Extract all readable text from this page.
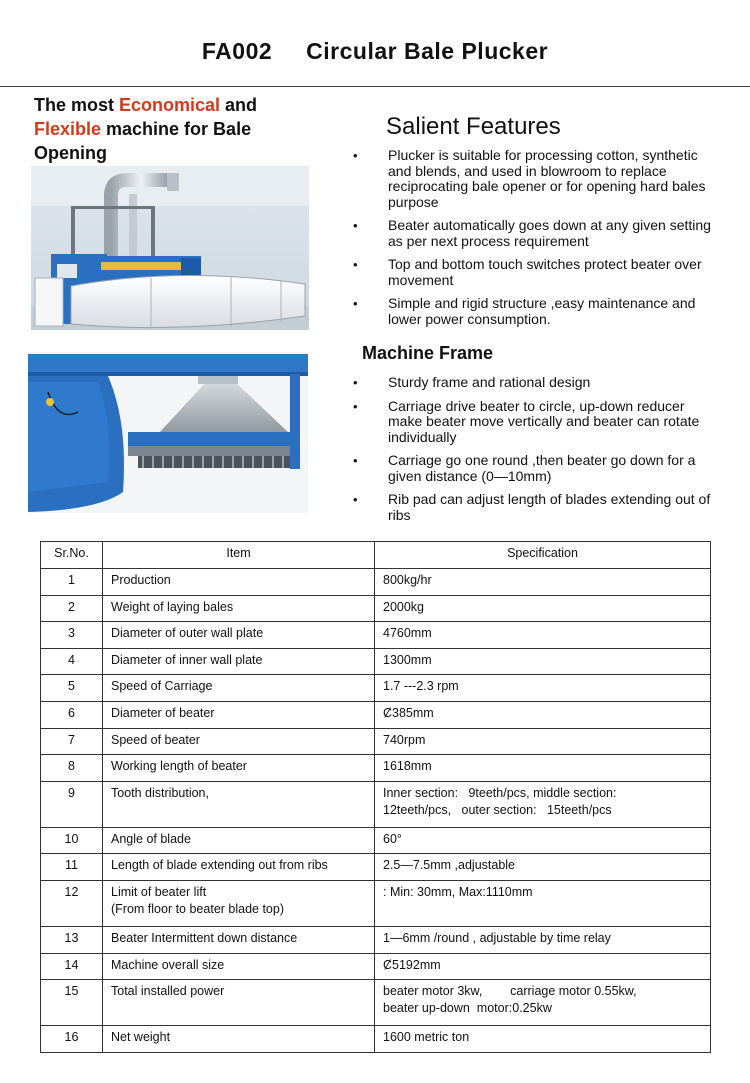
FA002 Circular Bale Plucker
The most Economical and
Flexible machine for Bale Opening
Salient Features
• Plucker is suitable for processing cotton, synthetic and blends, and used in blowroom to replace reciprocating bale opener or for opening hard bales purpose
• Beater automatically goes down at any given setting as per next process requirement
• Top and bottom touch switches protect beater over movement
• Simple and rigid structure ,easy maintenance and lower power consumption.
Machine Frame
• Sturdy frame and rational design
• Carriage drive beater to circle, up-down reducer make beater move vertically and beater can rotate individually
• Carriage go one round ,then beater go down for a given distance (0—10mm)
• Rib pad can adjust length of blades extending out of ribs
Sr.No.	Item	Specification
1	Production	800kg/hr

2	Weight of laying bales	2000kg

3	Diameter of outer wall plate	4760mm

4	Diameter of inner wall plate	1300mm

5	Speed of Carriage	1.7 ---2.3 rpm

6	Diameter of beater	Ȼ385mm

7	Speed of beater	740rpm

8	Working length of beater	1618mm

9	Tooth distribution,	Inner section:   9teeth/pcs, middle section:
12teeth/pcs,   outer section:   15teeth/pcs

10	Angle of blade	60°

11	Length of blade extending out from ribs	2.5—7.5mm ,adjustable

12	Limit of beater lift
(From floor to beater blade top)	: Min: 30mm, Max:1110mm

13	Beater Intermittent down distance	1—6mm /round , adjustable by time relay

14	Machine overall size	Ȼ5192mm

15	Total installed power	beater motor 3kw,        carriage motor 0.55kw,
beater up-down  motor:0.25kw

16	Net weight	1600 metric ton
